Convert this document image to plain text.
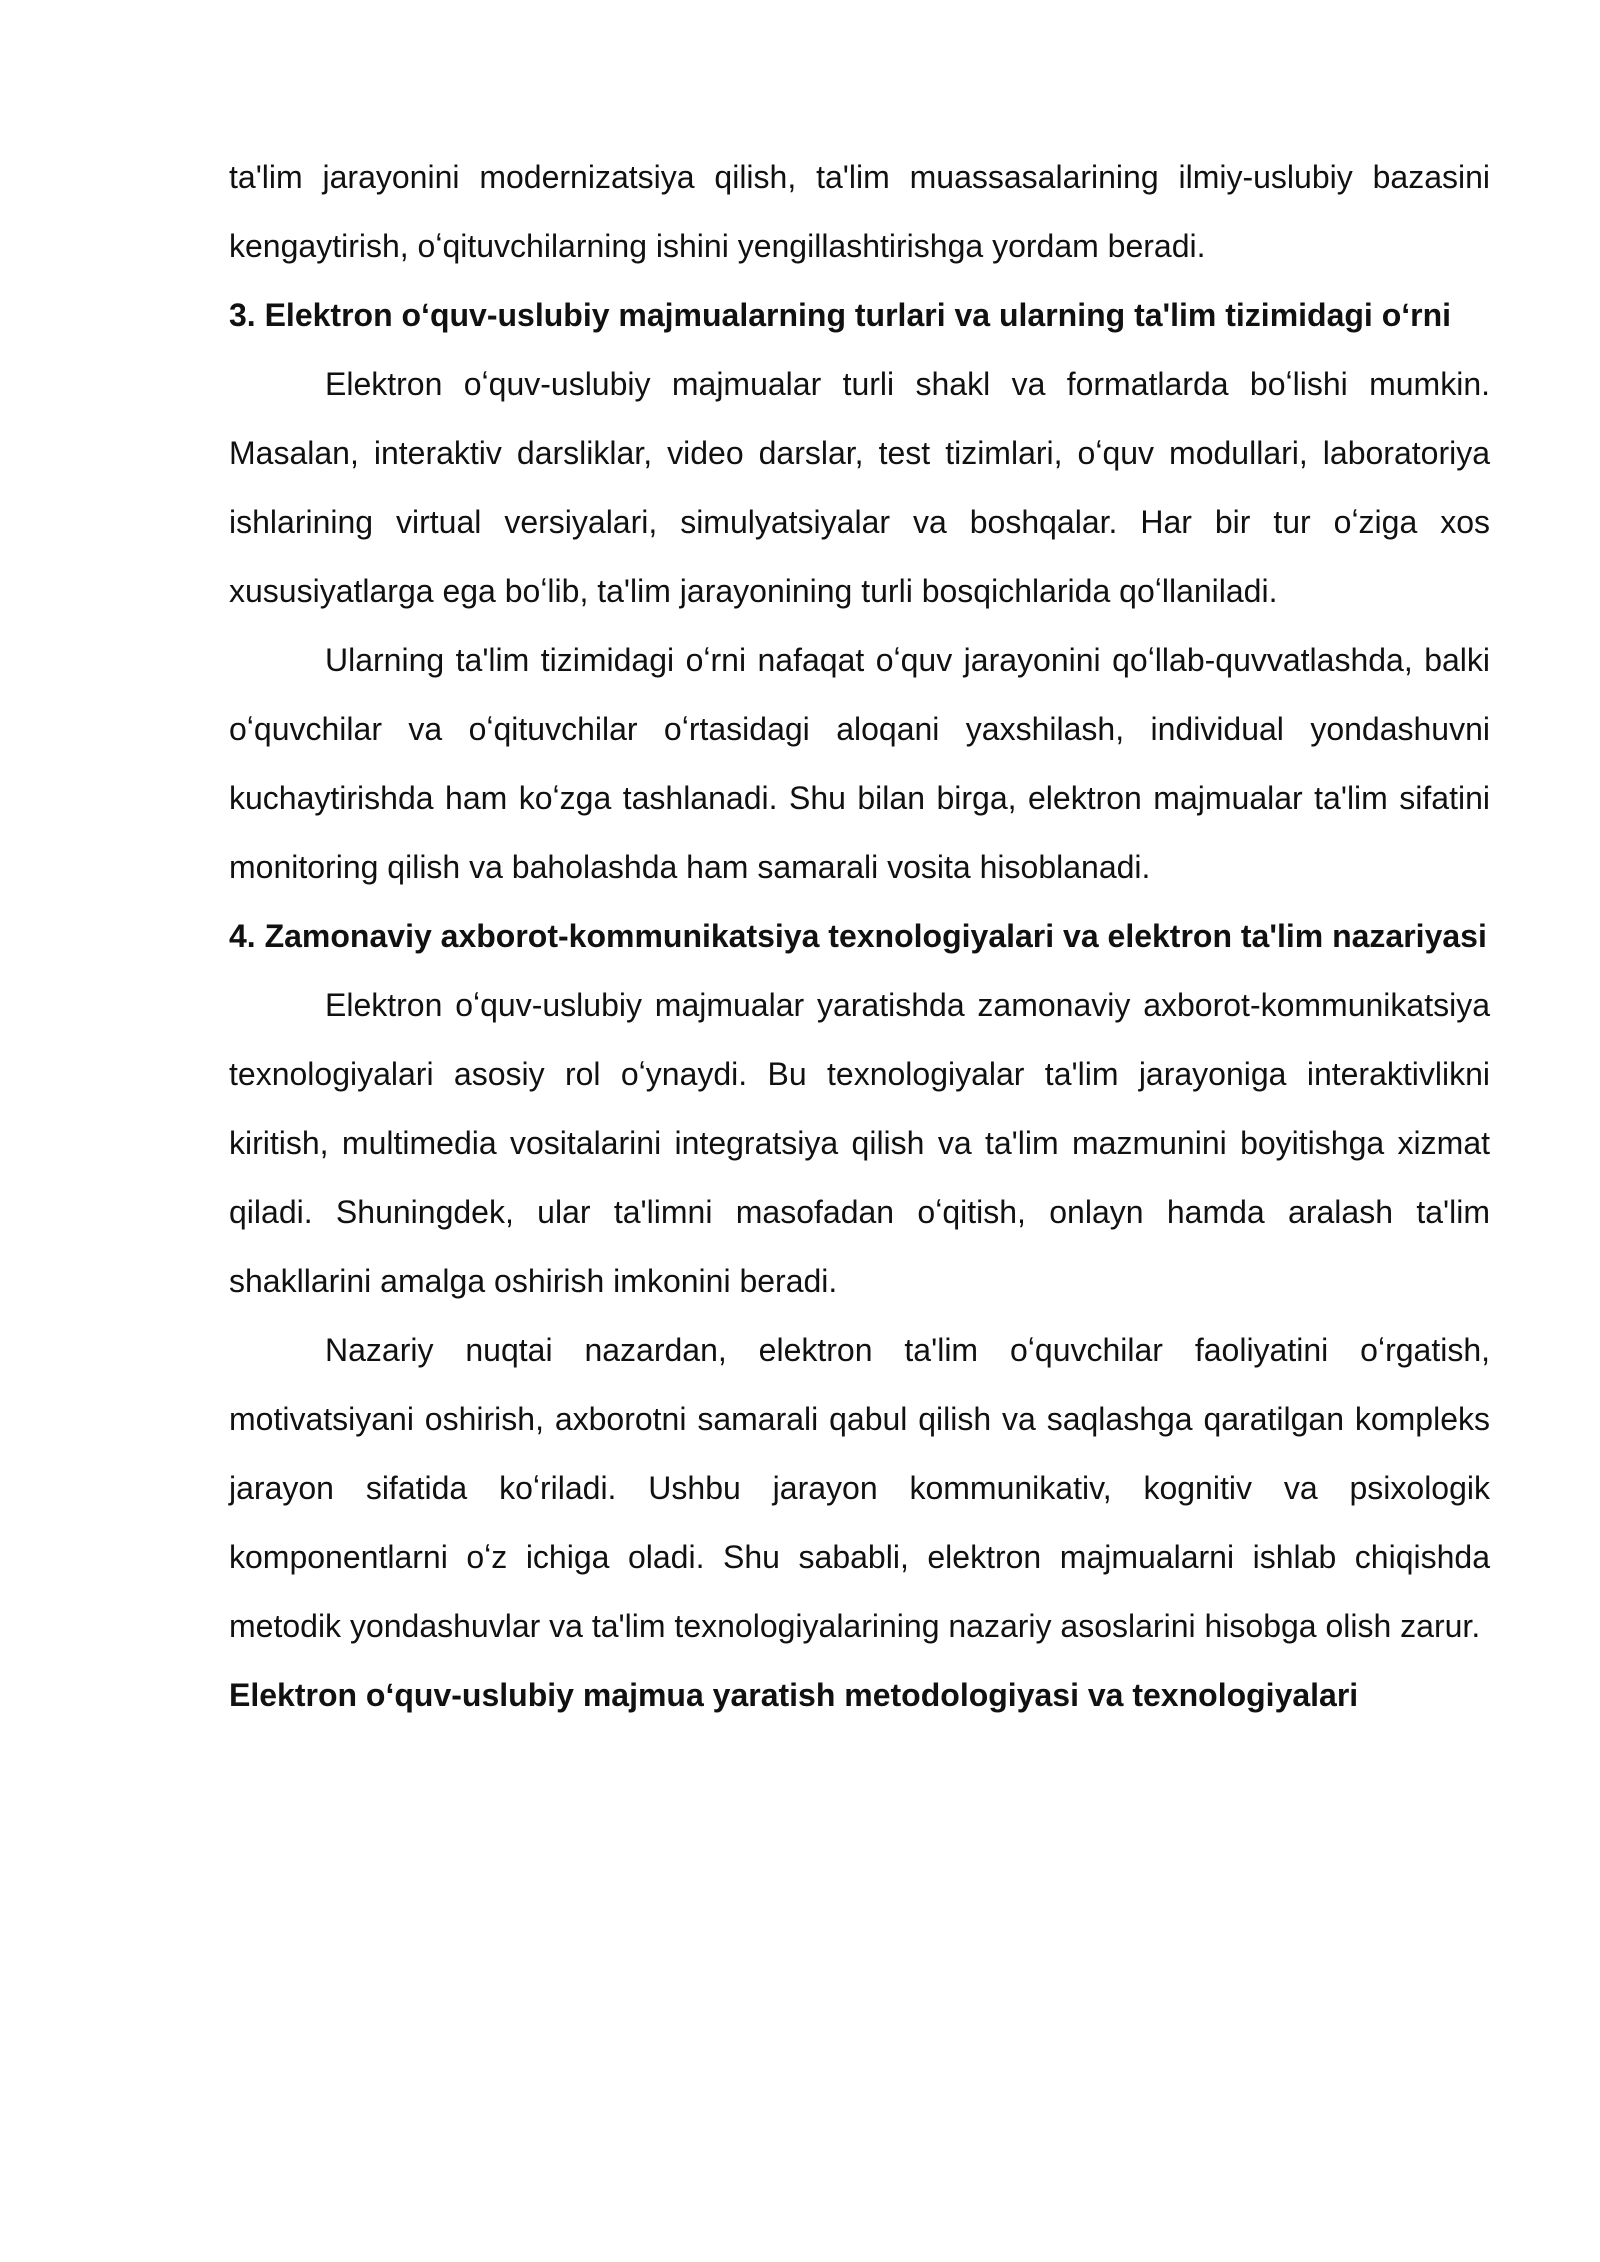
ta'lim jarayonini modernizatsiya qilish, ta'lim muassasalarining ilmiy-uslubiy bazasini kengaytirish, oʻqituvchilarning ishini yengillashtirishga yordam beradi.

3. Elektron oʻquv-uslubiy majmualarning turlari va ularning ta'lim tizimidagi oʻrni

Elektron oʻquv-uslubiy majmualar turli shakl va formatlarda boʻlishi mumkin. Masalan, interaktiv darsliklar, video darslar, test tizimlari, oʻquv modullari, laboratoriya ishlarining virtual versiyalari, simulyatsiyalar va boshqalar. Har bir tur oʻziga xos xususiyatlarga ega boʻlib, ta'lim jarayonining turli bosqichlarida qoʻllaniladi.

Ularning ta'lim tizimidagi oʻrni nafaqat oʻquv jarayonini qoʻllab-quvvatlashda, balki oʻquvchilar va oʻqituvchilar oʻrtasidagi aloqani yaxshilash, individual yondashuvni kuchaytirishda ham koʻzga tashlanadi. Shu bilan birga, elektron majmualar ta'lim sifatini monitoring qilish va baholashda ham samarali vosita hisoblanadi.

4. Zamonaviy axborot-kommunikatsiya texnologiyalari va elektron ta'lim nazariyasi

Elektron oʻquv-uslubiy majmualar yaratishda zamonaviy axborot-kommunikatsiya texnologiyalari asosiy rol oʻynaydi. Bu texnologiyalar ta'lim jarayoniga interaktivlikni kiritish, multimedia vositalarini integratsiya qilish va ta'lim mazmunini boyitishga xizmat qiladi. Shuningdek, ular ta'limni masofadan oʻqitish, onlayn hamda aralash ta'lim shakllarini amalga oshirish imkonini beradi.

Nazariy nuqtai nazardan, elektron ta'lim oʻquvchilar faoliyatini oʻrgatish, motivatsiyani oshirish, axborotni samarali qabul qilish va saqlashga qaratilgan kompleks jarayon sifatida koʻriladi. Ushbu jarayon kommunikativ, kognitiv va psixologik komponentlarni oʻz ichiga oladi. Shu sababli, elektron majmualarni ishlab chiqishda metodik yondashuvlar va ta'lim texnologiyalarining nazariy asoslarini hisobga olish zarur.

Elektron oʻquv-uslubiy majmua yaratish metodologiyasi va texnologiyalari
